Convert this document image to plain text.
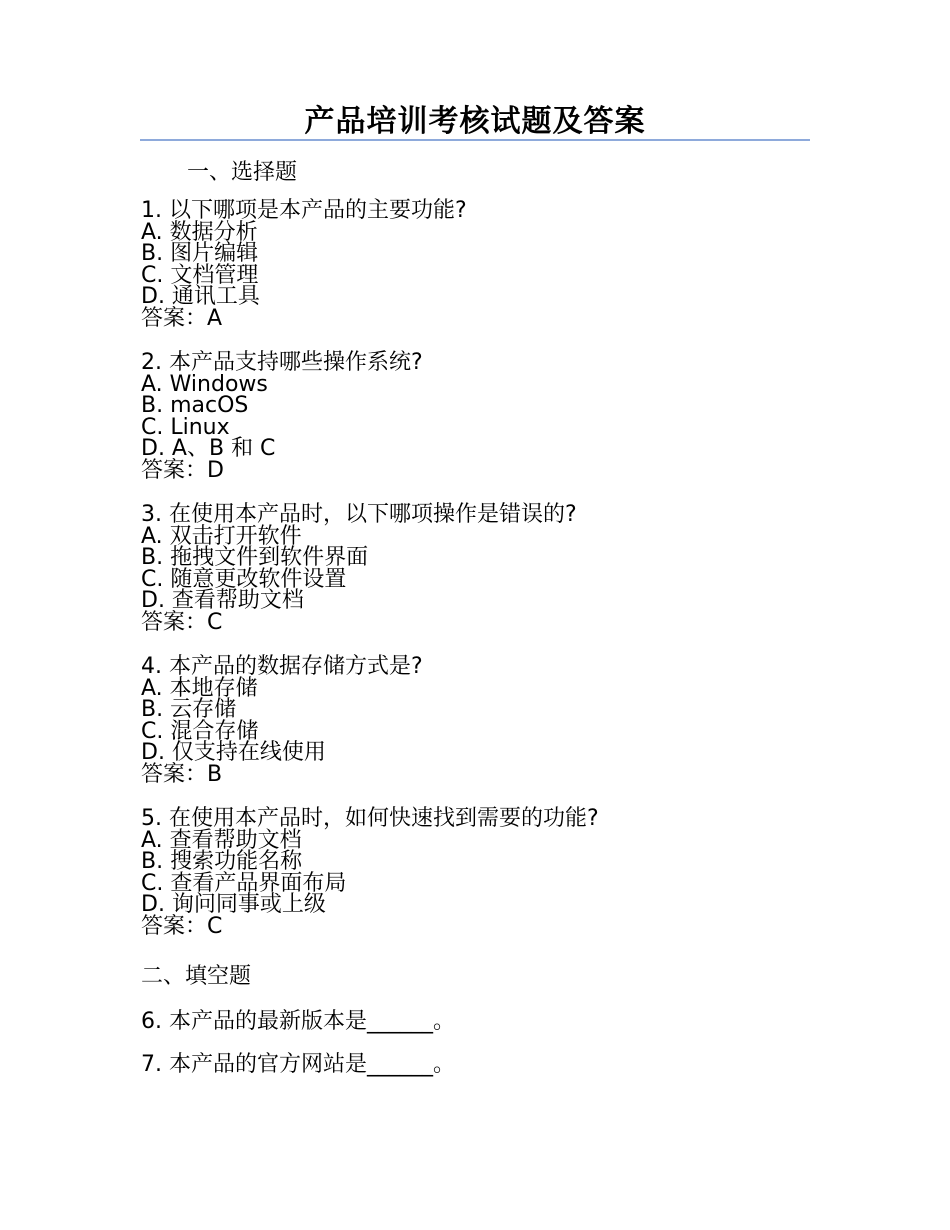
产品培训考核试题及答案
一、选择题
1. 以下哪项是本产品的主要功能?
A. 数据分析
B. 图片编辑
C. 文档管理
D. 通讯工具
答案：A
2. 本产品支持哪些操作系统?
A. Windows
B. macOS
C. Linux
D. A、B 和 C
答案：D
3. 在使用本产品时，以下哪项操作是错误的?
A. 双击打开软件
B. 拖拽文件到软件界面
C. 随意更改软件设置
D. 查看帮助文档
答案：C
4. 本产品的数据存储方式是?
A. 本地存储
B. 云存储
C. 混合存储
D. 仅支持在线使用
答案：B
5. 在使用本产品时，如何快速找到需要的功能?
A. 查看帮助文档
B. 搜索功能名称
C. 查看产品界面布局
D. 询问同事或上级
答案：C
二、填空题
6. 本产品的最新版本是______。
7. 本产品的官方网站是______。
